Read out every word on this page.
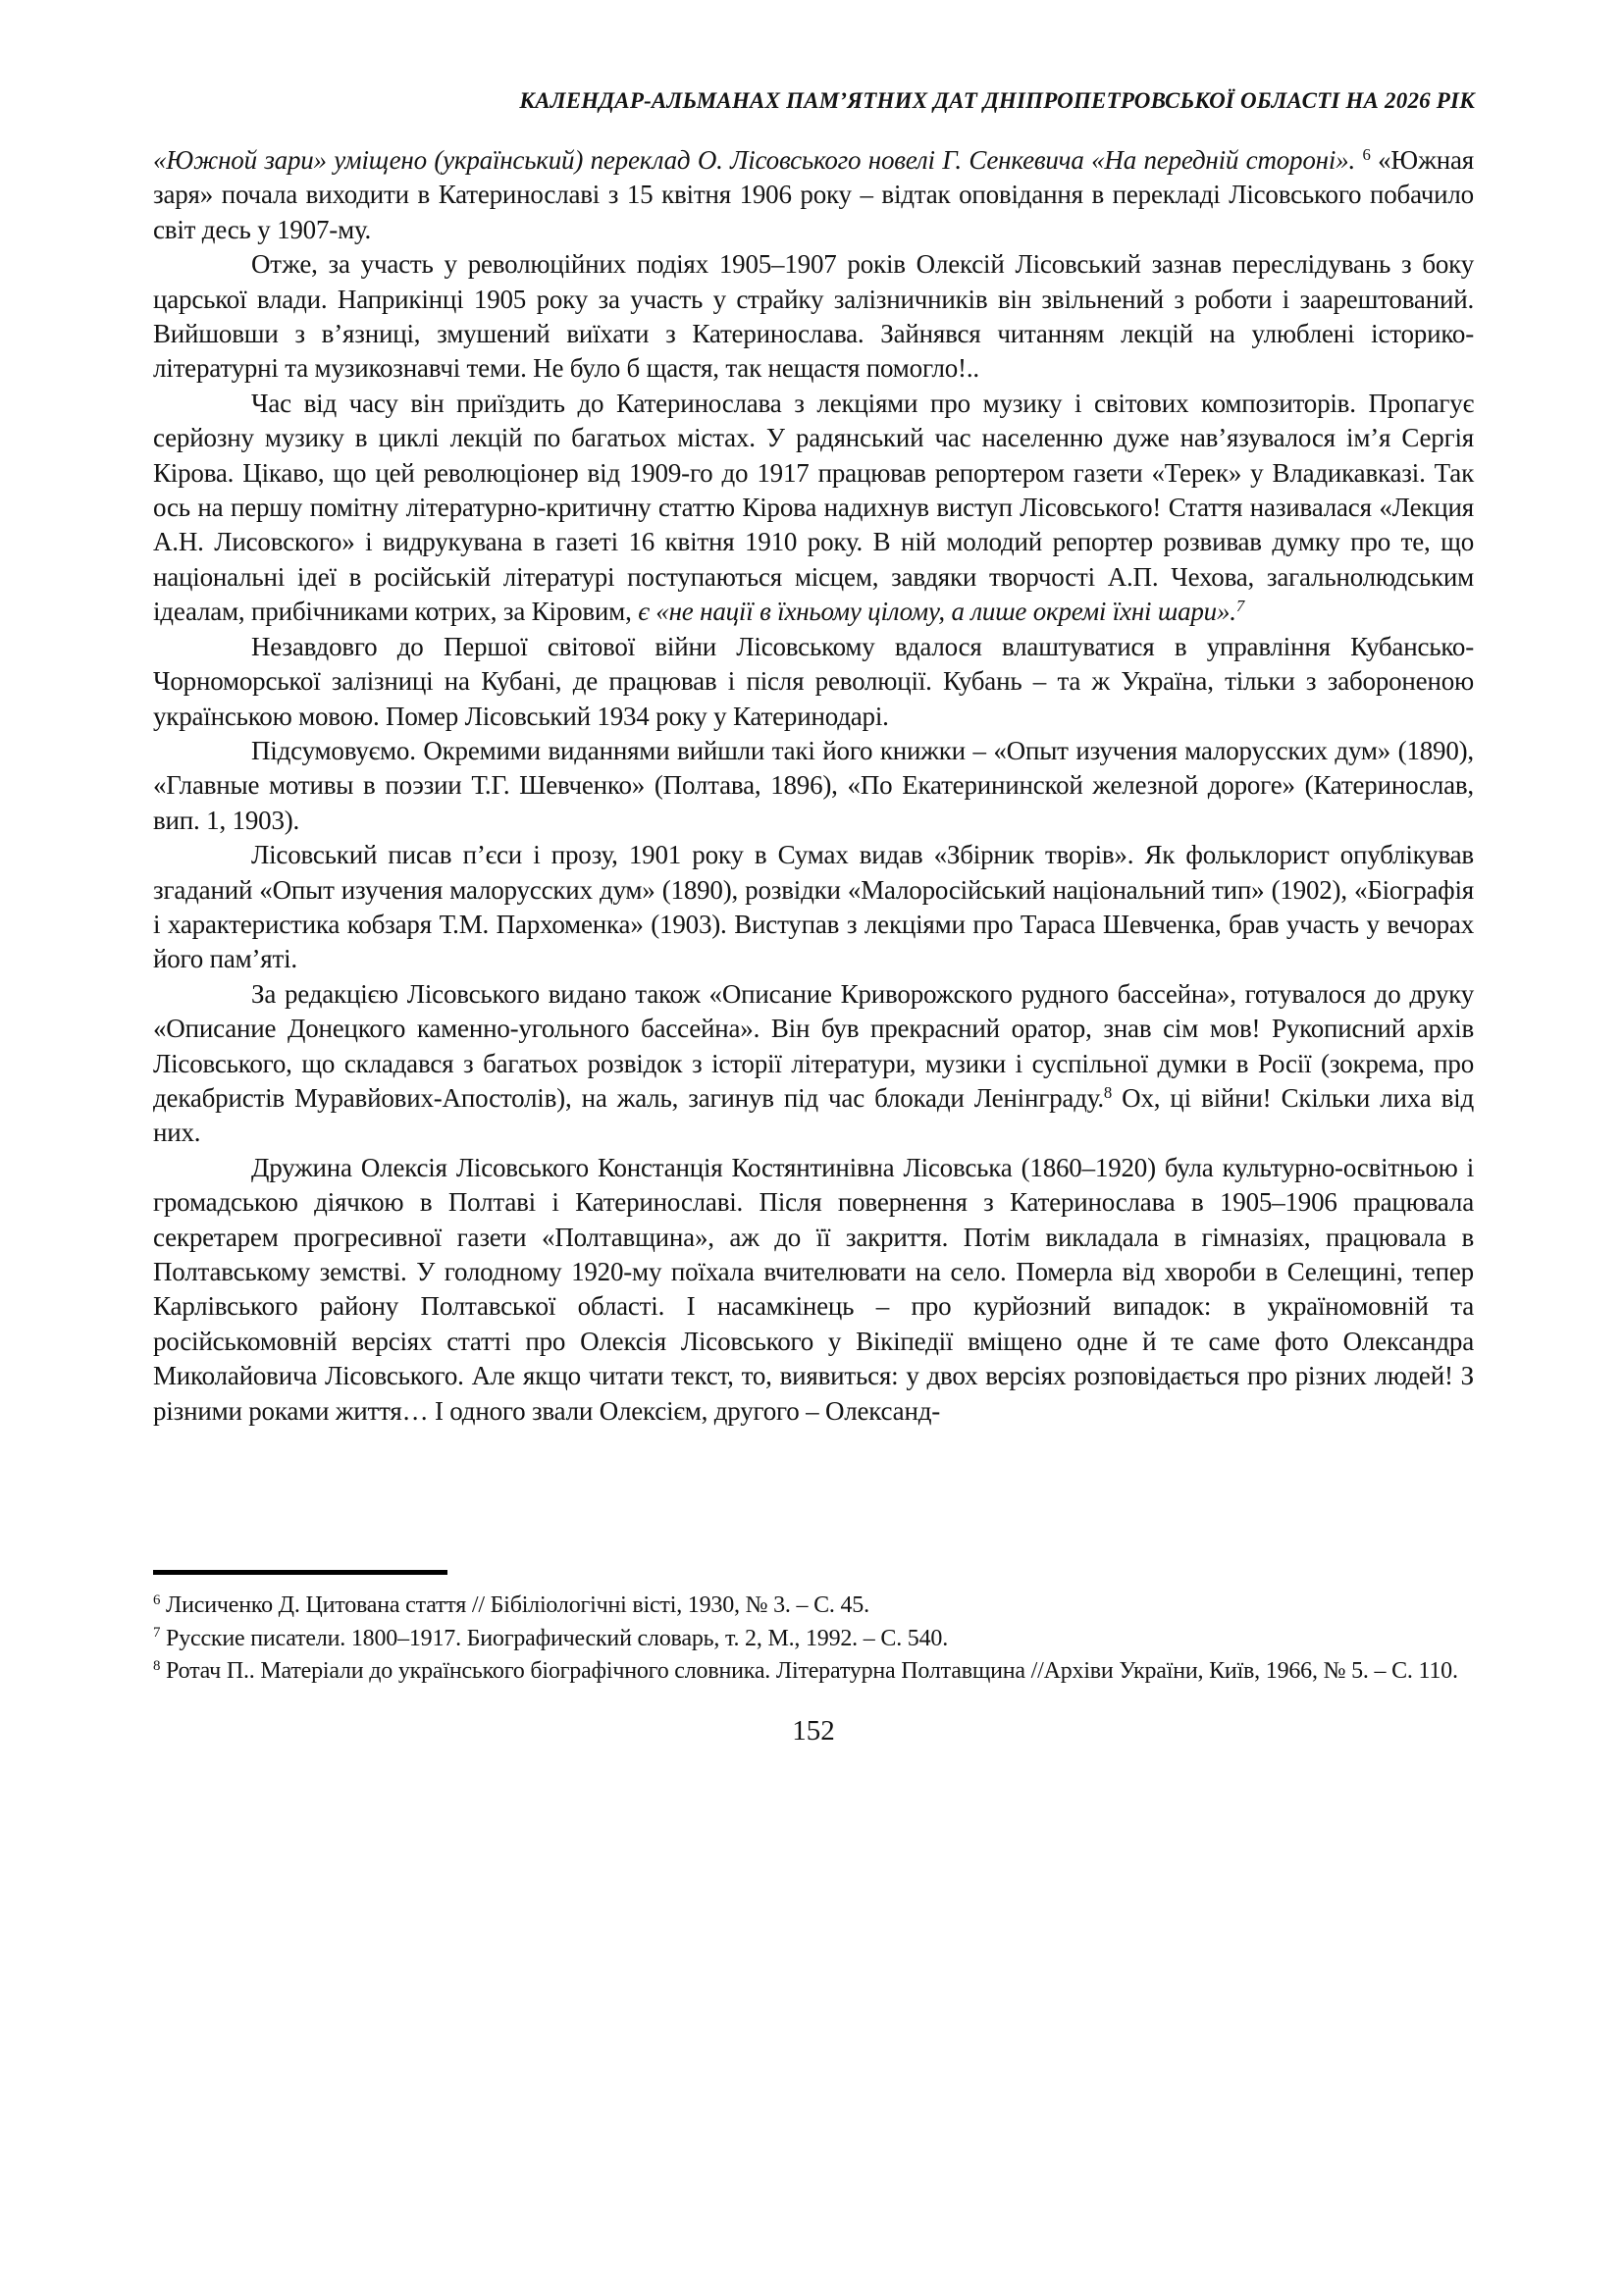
КАЛЕНДАР-АЛЬМАНАХ ПАМ’ЯТНИХ ДАТ ДНІПРОПЕТРОВСЬКОЇ ОБЛАСТІ НА 2026 РІК

«Южной зари» уміщено (український) переклад О. Лісовського новелі Г. Сенкевича «На передній стороні». $^6$ «Южная заря» почала виходити в Катеринославі з 15 квітня 1906 року – відтак оповідання в перекладі Лісовського побачило світ десь у 1907-му.

Отже, за участь у революційних подіях 1905–1907 років Олексій Лісовський зазнав переслідувань з боку царської влади. Наприкінці 1905 року за участь у страйку залізничників він звільнений з роботи і заарештований. Вийшовши з в’язниці, змушений виїхати з Катеринослава. Зайнявся читанням лекцій на улюблені історико-літературні та музикознавчі теми. Не було б щастя, так нещастя помогло!..

Час від часу він приїздить до Катеринослава з лекціями про музику і світових композиторів. Пропагує серйозну музику в циклі лекцій по багатьох містах. У радянський час населенню дуже нав’язувалося ім’я Сергія Кірова. Цікаво, що цей революціонер від 1909-го до 1917 працював репортером газети «Терек» у Владикавказі. Так ось на першу помітну літературно-критичну статтю Кірова надихнув виступ Лісовського! Стаття називалася «Лекция А.Н. Лисовского» і видрукувана в газеті 16 квітня 1910 року. В ній молодий репортер розвивав думку про те, що національні ідеї в російській літературі поступаються місцем, завдяки творчості А.П. Чехова, загальнолюдським ідеалам, прибічниками котрих, за Кіровим, є «не нації в їхньому цілому, а лише окремі їхні шари».$^7$

Незавдовго до Першої світової війни Лісовському вдалося влаштуватися в управління Кубансько-Чорноморської залізниці на Кубані, де працював і після революції. Кубань – та ж Україна, тільки з забороненою українською мовою. Помер Лісовський 1934 року у Катеринодарі.

Підсумовуємо. Окремими виданнями вийшли такі його книжки – «Опыт изучения малорусских дум» (1890), «Главные мотивы в поэзии Т.Г. Шевченко» (Полтава, 1896), «По Екатерининской железной дороге» (Катеринослав, вип. 1, 1903).

Лісовський писав п’єси і прозу, 1901 року в Сумах видав «Збірник творів». Як фольклорист опублікував згаданий «Опыт изучения малорусских дум» (1890), розвідки «Малоросійський національний тип» (1902), «Біографія і характеристика кобзаря Т.М. Пархоменка» (1903). Виступав з лекціями про Тараса Шевченка, брав участь у вечорах його пам’яті.

За редакцією Лісовського видано також «Описание Криворожского рудного бассейна», готувалося до друку «Описание Донецкого каменно-угольного бассейна». Він був прекрасний оратор, знав сім мов! Рукописний архів Лісовського, що складався з багатьох розвідок з історії літератури, музики і суспільної думки в Росії (зокрема, про декабристів Муравйових-Апостолів), на жаль, загинув під час блокади Ленінграду.$^8$ Ох, ці війни! Скільки лиха від них.

Дружина Олексія Лісовського Констанція Костянтинівна Лісовська (1860–1920) була культурно-освітньою і громадською діячкою в Полтаві і Катеринославі. Після повернення з Катеринослава в 1905–1906 працювала секретарем прогресивної газети «Полтавщина», аж до її закриття. Потім викладала в гімназіях, працювала в Полтавському земстві. У голодному 1920-му поїхала вчителювати на село. Померла від хвороби в Селещині, тепер Карлівського району Полтавської області. І насамкінець – про курйозний випадок: в україномовній та російськомовній версіях статті про Олексія Лісовського у Вікіпедії вміщено одне й те саме фото Олександра Миколайовича Лісовського. Але якщо читати текст, то, виявиться: у двох версіях розповідається про різних людей! З різними роками життя… І одного звали Олексієм, другого – Олександ-

$^6$ Лисиченко Д. Цитована стаття // Бібіліологічні вісті, 1930, № 3. – С. 45.

$^7$ Русские писатели. 1800–1917. Биографический словарь, т. 2, М., 1992. – С. 540.

$^8$ Ротач П.. Матеріали до українського біографічного словника. Літературна Полтавщина //Архіви України, Київ, 1966, № 5. – С. 110.

152
